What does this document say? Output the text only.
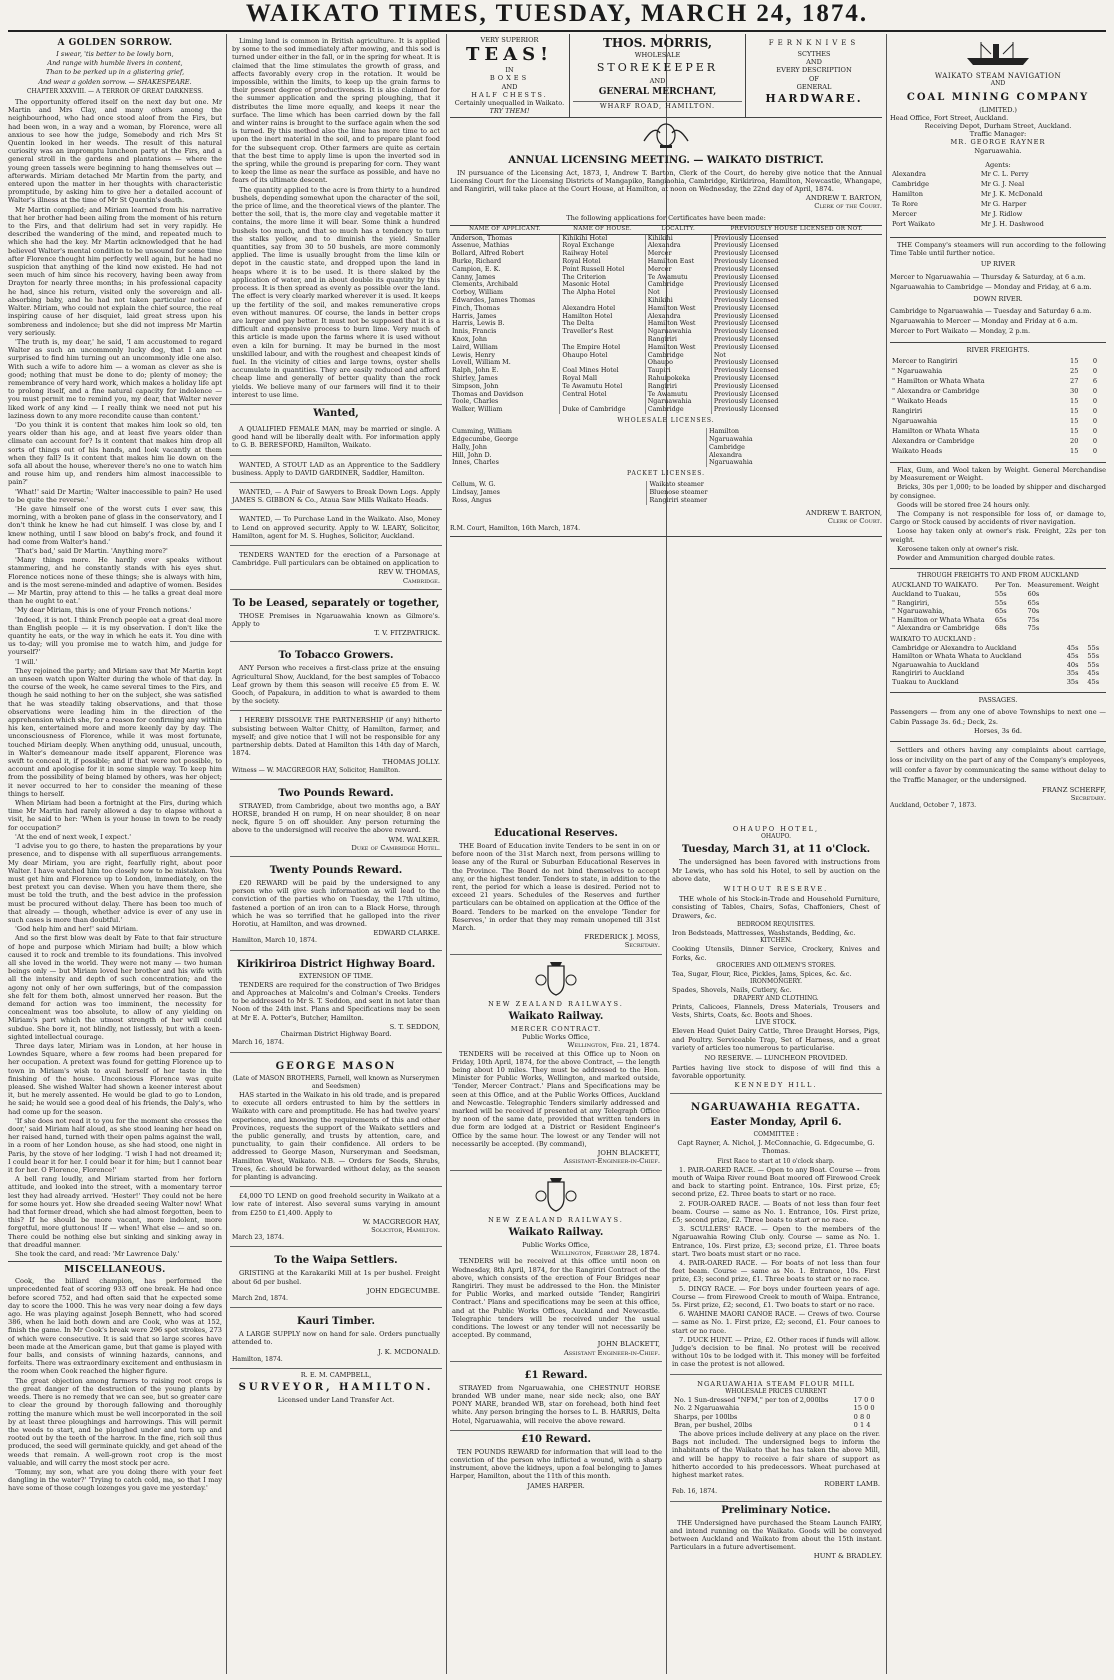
WAIKATO TIMES, TUESDAY, MARCH 24, 1874.
A GOLDEN SORROW.
I swear, 'tis better to be lowly born,
And range with humble livers in content,
Than to be perked up in a glistering grief,
And wear a golden sorrow. — SHAKESPEARE.
CHAPTER XXXVIII. — A TERROR OF GREAT DARKNESS.

The opportunity offered itself on the next day but one. Mr Martin and Mrs Clay, and many others among the neighbourhood, who had once stood aloof from the Firs, but had been won, in a way and a woman, by Florence, were all anxious to see how the judge, Somebody and rich Mrs St Quentin looked in her weeds. The result of this natural curiosity was an impromptu luncheon party at the Firs, and a general stroll in the gardens and plantations — where the young green tassels were beginning to hang themselves out — afterwards. Miriam detached Mr Martin from the party, and entered upon the matter in her thoughts with characteristic promptitude, by asking him to give her a detailed account of Walter's illness at the time of Mr St Quentin's death.

Mr Martin complied; and Miriam learned from his narrative that her brother had been ailing from the moment of his return to the Firs, and that delirium had set in very rapidly. He described the wandering of the mind, and repeated much to which she had the key. Mr Martin acknowledged that he had believed Walter's mental condition to be unsound for some time after Florence thought him perfectly well again, but he had no suspicion that anything of the kind now existed. He had not seen much of him since his recovery, having been away from Drayton for nearly three months; in his professional capacity he had, since his return, visited only the sovereign and all-absorbing baby, and he had not taken particular notice of Walter. Miriam, who could not explain the chief source, the real inspiring cause of her disquiet, laid great stress upon his sombreness and indolence; but she did not impress Mr Martin very seriously.

'The truth is, my dear,' he said, 'I am accustomed to regard Walter as such an uncommonly lucky dog, that I am not surprised to find him turning out an uncommonly idle one also. With such a wife to adore him — a woman as clever as she is good; nothing that must be done to do; plenty of money; the remembrance of very hard work, which makes a holiday life apt to prolong itself, and a fine natural capacity for indolence — you must permit me to remind you, my dear, that Walter never liked work of any kind — I really think we need not put his laziness down to any more recondite cause than content.'

'Do you think it is content that makes him look so old, ten years older than his age, and at least five years older than climate can account for? Is it content that makes him drop all sorts of things out of his hands, and look vacantly at them when they fall? Is it content that makes him lie down on the sofa all about the house, wherever there's no one to watch him and rouse him up, and renders him almost inaccessible to pain?'

'What!' said Dr Martin; 'Walter inaccessible to pain? He used to be quite the reverse.'

'He gave himself one of the worst cuts I ever saw, this morning, with a broken pane of glass in the conservatory, and I don't think he knew he had cut himself. I was close by, and I knew nothing, until I saw blood on baby's frock, and found it had come from Walter's hand.'

'That's bad,' said Dr Martin. 'Anything more?'

'Many things more. He hardly ever speaks without stammering, and he constantly stands with his eyes shut. Florence notices none of these things; she is always with him, and is the most serene-minded and adaptive of women. Besides — Mr Martin, pray attend to this — he talks a great deal more than he ought to eat.'

'My dear Miriam, this is one of your French notions.'

'Indeed, it is not. I think French people eat a great deal more than English people — it is my observation. I don't like the quantity he eats, or the way in which he eats it. You dine with us to-day; will you promise me to watch him, and judge for yourself?'

'I will.'

They rejoined the party; and Miriam saw that Mr Martin kept an unseen watch upon Walter during the whole of that day. In the course of the week, he came several times to the Firs, and though he said nothing to her on the subject, she was satisfied that he was steadily taking observations, and that those observations were leading him in the direction of the apprehension which she, for a reason for confirming any within his ken, entertained more and more keenly day by day. The unconsciousness of Florence, while it was most fortunate, touched Miriam deeply. When anything odd, unusual, uncouth, in Walter's demeanour made itself apparent, Florence was swift to conceal it, if possible; and if that were not possible, to account and apologise for it in some simple way. To keep him from the possibility of being blamed by others, was her object; it never occurred to her to consider the meaning of these things to herself.

When Miriam had been a fortnight at the Firs, during which time Mr Martin had rarely allowed a day to elapse without a visit, he said to her: 'When is your house in town to be ready for occupation?'

'At the end of next week, I expect.'

'I advise you to go there, to hasten the preparations by your presence, and to dispense with all superfluous arrangements. My dear Miriam, you are right, fearfully right, about poor Walter. I have watched him too closely now to be mistaken. You must get him and Florence up to London, immediately, on the best pretext you can devise. When you have them there, she must be told the truth, and the best advice in the profession must be procured without delay. There has been too much of that already — though, whether advice is ever of any use in such cases is more than doubtful.'

'God help him and her!' said Miriam.

And so the first blow was dealt by Fate to that fair structure of hope and purpose which Miriam had built; a blow which caused it to rock and tremble to its foundations. This involved all she loved in the world. They were not many — two human beings only — but Miriam loved her brother and his wife with all the intensity and depth of such concentration; and the agony not only of her own sufferings, but of the compassion she felt for them both, almost unnerved her reason. But the demand for action was too imminent, the necessity for concealment was too absolute, to allow of any yielding on Miriam's part which the utmost strength of her will could subdue. She bore it, not blindly, not listlessly, but with a keen-sighted intellectual courage.

Three days later, Miriam was in London, at her house in Lowndes Square, where a few rooms had been prepared for her occupation. A pretext was found for getting Florence up to town in Miriam's wish to avail herself of her taste in the finishing of the house. Unconscious Florence was quite pleased. She wished Walter had shown a keener interest about it, but he merely assented. He would be glad to go to London, he said; he would see a good deal of his friends, the Daly's, who had come up for the season.

'If she does not read it to you for the moment she crosses the door,' said Miriam half aloud, as she stood leaning her head on her raised hand, turned with their open palms against the wall, in a room of her London house, as she had stood, one night in Paris, by the stove of her lodging. 'I wish I had not dreamed it; I could bear it for her. I could bear it for him; but I cannot bear it for her. O Florence, Florence!'

A bell rang loudly, and Miriam started from her forlorn attitude, and looked into the street, with a momentary terror lest they had already arrived. 'Hester!' They could not be here for some hours yet. How she dreaded seeing Walter now! What had that former dread, which she had almost forgotten, been to this? If he should be more vacant, more indolent, more forgetful, more gluttonous! If — when! What else — and so on. There could be nothing else but sinking and sinking away in that dreadful manner.

She took the card, and read: 'Mr Lawrence Daly.'

MISCELLANEOUS.

Cook, the billiard champion, has performed the unprecedented feat of scoring 933 off one break. He had once before scored 752, and had often said that he expected some day to score the 1000. This he was very near doing a few days ago. He was playing against Joseph Bennett, who had scored 386, when he laid both down and are Cook, who was at 152, finish the game. In Mr Cook's break were 296 spot strokes, 273 of which were consecutive. It is said that so large scores have been made at the American game, but that game is played with four balls, and consists of winning hazards, cannons, and forfeits. There was extraordinary excitement and enthusiasm in the room when Cook reached the higher figure.

The great objection among farmers to raising root crops is the great danger of the destruction of the young plants by weeds. There is no remedy that we can see, but so greater care to clear the ground by thorough fallowing and thoroughly rotting the manure which must be well incorporated in the soil by at least three ploughings and harrowings. This will permit the weeds to start, and be ploughed under and torn up and rooted out by the teeth of the harrow. In the fine, rich soil thus produced, the seed will germinate quickly, and get ahead of the weeds that remain. A well-grown root crop is the most valuable, and will carry the most stock per acre.

'Tommy, my son, what are you doing there with your feet dangling in the water?' 'Trying to catch cold, ma, so that I may have some of those cough lozenges you gave me yesterday.'

Liming land is common in British agriculture. It is applied by some to the sod immediately after mowing, and this sod is turned under either in the fall, or in the spring for wheat. It is claimed that the lime stimulates the growth of grass, and affects favorably every crop in the rotation. It would be impossible, within the limits, to keep up the grain farms to their present degree of productiveness. It is also claimed for the summer application and the spring ploughing, that it distributes the lime more equally, and keeps it near the surface. The lime which has been carried down by the fall and winter rains is brought to the surface again when the sod is turned. By this method also the lime has more time to act upon the inert material in the soil, and to prepare plant food for the subsequent crop. Other farmers are quite as certain that the best time to apply lime is upon the inverted sod in the spring, while the ground is preparing for corn. They want to keep the lime as near the surface as possible, and have no fears of its ultimate descent.

The quantity applied to the acre is from thirty to a hundred bushels, depending somewhat upon the character of the soil, the price of lime, and the theoretical views of the planter. The better the soil, that is, the more clay and vegetable matter it contains, the more lime it will bear. Some think a hundred bushels too much, and that so much has a tendency to turn the stalks yellow, and to diminish the yield. Smaller quantities, say from 30 to 50 bushels, are more commonly applied. The lime is usually brought from the lime kiln or depot in the caustic state, and dropped upon the land in heaps where it is to be used. It is there slaked by the application of water, and in about double its quantity by this process. It is then spread as evenly as possible over the land. The effect is very clearly marked wherever it is used. It keeps up the fertility of the soil, and makes remunerative crops even without manures. Of course, the lands in better crops are larger and pay better. It must not be supposed that it is a difficult and expensive process to burn lime. Very much of this article is made upon the farms where it is used without even a kiln for burning. It may be burned in the most unskilled labour, and with the roughest and cheapest kinds of fuel. In the vicinity of cities and large towns, oyster shells accumulate in quantities. They are easily reduced and afford cheap lime and generally of better quality than the rock yields. We believe many of our farmers will find it to their interest to use lime.

Wanted,

A QUALIFIED FEMALE MAN, may be married or single. A good hand will be liberally dealt with. For information apply to G. B. BERESFORD, Hamilton, Waikato.

WANTED, A STOUT LAD as an Apprentice to the Saddlery business. Apply to DAVID GARDINER, Saddler, Hamilton.

WANTED, — A Pair of Sawyers to Break Down Logs. Apply JAMES S. GIBBON & Co., Ataua Saw Mills Waikato Heads.

WANTED, — To Purchase Land in the Waikato. Also, Money to Lend on approved security. Apply to W. LEARY, Solicitor, Hamilton, agent for M. S. Hughes, Solicitor, Auckland.

TENDERS WANTED for the erection of a Parsonage at Cambridge. Full particulars can be obtained on application to

REV W. THOMAS,
Cambridge.
To be Leased, separately or together,

THOSE Premises in Ngaruawahia known as Gilmore's. Apply to

T. V. FITZPATRICK.
To Tobacco Growers.

ANY Person who receives a first-class prize at the ensuing Agricultural Show, Auckland, for the best samples of Tobacco Leaf grown by them this season will receive £5 from E. W. Gooch, of Papakura, in addition to what is awarded to them by the society.

I HEREBY DISSOLVE THE PARTNERSHIP (if any) hitherto subsisting between Walter Chitty, of Hamilton, farmer, and myself; and give notice that I will not be responsible for any partnership debts. Dated at Hamilton this 14th day of March, 1874.

THOMAS JOLLY.
Witness — W. MACGREGOR HAY, Solicitor, Hamilton.
Two Pounds Reward.

STRAYED, from Cambridge, about two months ago, a BAY HORSE, branded H on rump, H on near shoulder, 8 on near neck, figure 5 on off shoulder. Any person returning the above to the undersigned will receive the above reward.

WM. WALKER.
Duke of Cambridge Hotel.
Twenty Pounds Reward.

£20 REWARD will be paid by the undersigned to any person who will give such information as will lead to the conviction of the parties who on Tuesday, the 17th ultimo, fastened a portion of an iron can to a Black Horse, through which he was so terrified that he galloped into the river Horotiu, at Hamilton, and was drowned.

EDWARD CLARKE.
Hamilton, March 10, 1874.
Kirikiriroa District Highway Board.
EXTENSION OF TIME.

TENDERS are required for the construction of Two Bridges and Approaches at Malcolm's and Colman's Creeks. Tenders to be addressed to Mr S. T. Seddon, and sent in not later than Noon of the 24th inst. Plans and Specifications may be seen at Mr E. A. Potter's, Butcher, Hamilton.

S. T. SEDDON,
Chairman District Highway Board.
March 16, 1874.
GEORGE MASON
(Late of MASON BROTHERS, Parnell, well known as Nurserymen and Seedsmen)

HAS started in the Waikato in his old trade, and is prepared to execute all orders entrusted to him by the settlers in Waikato with care and promptitude. He has had twelve years' experience, and knowing the requirements of this and other Provinces, requests the support of the Waikato settlers and the public generally, and trusts by attention, care, and punctuality, to gain their confidence. All orders to be addressed to George Mason, Nurseryman and Seedsman, Hamilton West, Waikato. N.B. — Orders for Seeds, Shrubs, Trees, &c. should be forwarded without delay, as the season for planting is advancing.

£4,000 TO LEND on good freehold security in Waikato at a low rate of interest. Also several sums varying in amount from £250 to £1,400. Apply to

W. MACGREGOR HAY,
Solicitor, Hamilton.
March 23, 1874.
To the Waipa Settlers.

GRISTING at the Karakariki Mill at 1s per bushel. Freight about 6d per bushel.

JOHN EDGECUMBE.
March 2nd, 1874.
Kauri Timber.

A LARGE SUPPLY now on hand for sale. Orders punctually attended to.

J. K. MCDONALD.
Hamilton, 1874.
R. E. M. CAMPBELL,
SURVEYOR, HAMILTON.
Licensed under Land Transfer Act.
VERY SUPERIOR
TEAS!
IN
BOXES
AND
HALF CHESTS.
Certainly unequalled in Waikato.
TRY THEM!
THOS. MORRIS,
WHOLESALE
STOREKEEPER
AND
GENERAL MERCHANT,
WHARF ROAD, HAMILTON.
FERNKNIVES
SCYTHES
AND
EVERY DESCRIPTION
OF
GENERAL
HARDWARE.
ANNUAL LICENSING MEETING. — WAIKATO DISTRICT.

IN pursuance of the Licensing Act, 1873, I, Andrew T. Barton, Clerk of the Court, do hereby give notice that the Annual Licensing Court for the Licensing Districts of Mangapiko, Rangiaohia, Cambridge, Kirikiriroa, Hamilton, Newcastle, Whangape, and Rangiriri, will take place at the Court House, at Hamilton, at noon on Wednesday, the 22nd day of April, 1874.

ANDREW T. BARTON,
Clerk of the Court.
The following applications for Certificates have been made:
NAME OF APPLICANT.	NAME OF HOUSE.	LOCALITY.	PREVIOUSLY HOUSE LICENSED OR NOT.
Anderson, Thomas	Kihikihi Hotel	Kihikihi	Previously Licensed
Assenue, Mathias	Royal Exchange	Alexandra	Previously Licensed
Bollard, Alfred Robert	Railway Hotel	Mercer	Previously Licensed
Burke, Richard	Royal Hotel	Hamilton East	Previously Licensed
Campion, E. K.	Point Russell Hotel	Mercer	Previously Licensed
Canny, James	The Criterion	Te Awamutu	Previously Licensed
Clements, Archibald	Masonic Hotel	Cambridge	Previously Licensed
Corboy, William	The Alpha Hotel	Not	Previously Licensed
Edwardes, James Thomas		Kihikihi	Previously Licensed
Finch, Thomas	Alexandra Hotel	Hamilton West	Previously Licensed
Harris, James	Hamilton Hotel	Alexandra	Previously Licensed
Harris, Lewis B.	The Delta	Hamilton West	Previously Licensed
Innis, Francis	Traveller's Rest	Ngaruawahia	Previously Licensed
Knox, John		Rangiriri	Previously Licensed
Laird, William	The Empire Hotel	Hamilton West	Previously Licensed
Lewis, Henry	Ohaupo Hotel	Cambridge	Not
Lovell, William M.		Ohaupo	Previously Licensed
Ralph, John E.	Coal Mines Hotel	Taupiri	Previously Licensed
Shirley, James	Royal Mall	Rahuipokeka	Previously Licensed
Simpson, John	Te Awamutu Hotel	Rangiriri	Previously Licensed
Thomas and Davidson	Central Hotel	Te Awamutu	Previously Licensed
Toole, Charles		Ngaruawahia	Previously Licensed
Walker, William	Duke of Cambridge	Cambridge	Previously Licensed
WHOLESALE LICENSES.
Cumming, William	Hamilton
Edgecumbe, George	Ngaruawahia
Hally, John	Cambridge
Hill, John D.	Alexandra
Innes, Charles	Ngaruawahia
PACKET LICENSES.
Cellum, W. G.	Waikato steamer
Lindsay, James	Bluenose steamer
Ross, Angus	Rangiriri steamer
ANDREW T. BARTON,
Clerk of Court.
R.M. Court, Hamilton, 16th March, 1874.
Educational Reserves.

THE Board of Education invite Tenders to be sent in on or before noon of the 31st March next, from persons willing to lease any of the Rural or Suburban Educational Reserves in the Province. The Board do not bind themselves to accept any, or the highest tender. Tenders to state, in addition to the rent, the period for which a lease is desired. Period not to exceed 21 years. Schedules of the Reserves and further particulars can be obtained on application at the Office of the Board. Tenders to be marked on the envelope 'Tender for Reserves,' in order that they may remain unopened till 31st March.

FREDERICK J. MOSS,
Secretary.
NEW ZEALAND RAILWAYS.
Waikato Railway.
MERCER CONTRACT.
Public Works Office,
Wellington, Feb. 21, 1874.

TENDERS will be received at this Office up to Noon on Friday, 10th April, 1874, for the above Contract, — the length being about 10 miles. They must be addressed to the Hon. Minister for Public Works, Wellington, and marked outside, 'Tender, Mercer Contract.' Plans and Specifications may be seen at this Office, and at the Public Works Offices, Auckland and Newcastle. Telegraphic Tenders similarly addressed and marked will be received if presented at any Telegraph Office by noon of the same date, provided that written tenders in due form are lodged at a District or Resident Engineer's Office by the same hour. The lowest or any Tender will not necessarily be accepted. (By command),

JOHN BLACKETT,
Assistant-Engineer-in-Chief.
NEW ZEALAND RAILWAYS.
Waikato Railway.
Public Works Office,
Wellington, February 28, 1874.

TENDERS will be received at this office until noon on Wednesday, 8th April, 1874, for the Rangiriri Contract of the above, which consists of the erection of Four Bridges near Rangiriri. They must be addressed to the Hon. the Minister for Public Works, and marked outside 'Tender, Rangiriri Contract.' Plans and specifications may be seen at this office, and at the Public Works Offices, Auckland and Newcastle. Telegraphic tenders will be received under the usual conditions. The lowest or any tender will not necessarily be accepted. By command,

JOHN BLACKETT,
Assistant Engineer-in-Chief.
£1 Reward.

STRAYED from Ngaruawahia, one CHESTNUT HORSE branded WB under mane, near side neck; also, one BAY PONY MARE, branded WB, star on forehead, both hind feet white. Any person bringing the horses to L. B. HARRIS, Delta Hotel, Ngaruawahia, will receive the above reward.

£10 Reward.

TEN POUNDS REWARD for information that will lead to the conviction of the person who inflicted a wound, with a sharp instrument, above the kidneys, upon a foal belonging to James Harper, Hamilton, about the 11th of this month.

JAMES HARPER.
OHAUPO HOTEL,
OHAUPO.
Tuesday, March 31, at 11 o'Clock.

The undersigned has been favored with instructions from Mr Lewis, who has sold his Hotel, to sell by auction on the above date,

WITHOUT RESERVE.

THE whole of his Stock-in-Trade and Household Furniture, consisting of Tables, Chairs, Sofas, Chaffoniers, Chest of Drawers, &c.

BEDROOM REQUISITES.

Iron Bedsteads, Mattresses, Washstands, Bedding, &c.

KITCHEN.

Cooking Utensils, Dinner Service, Crockery, Knives and Forks, &c.

GROCERIES AND OILMEN'S STORES.

Tea, Sugar, Flour, Rice, Pickles, Jams, Spices, &c. &c.

IRONMONGERY.

Spades, Shovels, Nails, Cutlery, &c.

DRAPERY AND CLOTHING.

Prints, Calicoes, Flannels, Dress Materials, Trousers and Vests, Shirts, Coats, &c. Boots and Shoes.

LIVE STOCK.

Eleven Head Quiet Dairy Cattle, Three Draught Horses, Pigs, and Poultry. Serviceable Trap, Set of Harness, and a great variety of articles too numerous to particularise.

NO RESERVE. — LUNCHEON PROVIDED.

Parties having live stock to dispose of will find this a favorable opportunity.

KENNEDY HILL.
NGARUAWAHIA REGATTA.
Easter Monday, April 6.
COMMITTEE :
Capt Rayner, A. Nichol, J. McConnachie, G. Edgecumbe, G. Thomas.
First Race to start at 10 o'clock sharp.

1. PAIR-OARED RACE. — Open to any Boat. Course — from mouth of Waipa River round Boat moored off Firewood Creek and back to starting point. Entrance, 10s. First prize, £5; second prize, £2. Three boats to start or no race.

2. FOUR-OARED RACE. — Boats of not less than four feet beam. Course — same as No. 1. Entrance, 10s. First prize, £5; second prize, £2. Three boats to start or no race.

3. SCULLERS' RACE. — Open to the members of the Ngaruawahia Rowing Club only. Course — same as No. 1. Entrance, 10s. First prize, £3; second prize, £1. Three boats start. Two boats must start or no race.

4. PAIR-OARED RACE. — For boats of not less than four feet beam. Course — same as No. 1. Entrance, 10s. First prize, £3; second prize, £1. Three boats to start or no race.

5. DINGY RACE. — For boys under fourteen years of age. Course — from Firewood Creek to mouth of Waipa. Entrance, 5s. First prize, £2; second, £1. Two boats to start or no race.

6. WAHINE MAORI CANOE RACE. — Crews of two. Course — same as No. 1. First prize, £2; second, £1. Four canoes to start or no race.

7. DUCK HUNT. — Prize, £2. Other races if funds will allow. Judge's decision to be final. No protest will be received without 10s to be lodged with it. This money will be forfeited in case the protest is not allowed.

NGARUAWAHIA STEAM FLOUR MILL
WHOLESALE PRICES CURRENT
No. 1 Sun-dressed "NFM," per ton of 2,000lbs	17 0 0
No. 2 Ngaruawahia	15 0 0
Sharps, per 100lbs	0 8 0
Bran, per bushel, 20lbs	0 1 4

The above prices include delivery at any place on the river. Bags not included. The undersigned begs to inform the inhabitants of the Waikato that he has taken the above Mill, and will be happy to receive a fair share of support as hitherto accorded to his predecessors. Wheat purchased at highest market rates.

ROBERT LAMB.
Feb. 16, 1874.
Preliminary Notice.

THE Undersigned have purchased the Steam Launch FAIRY, and intend running on the Waikato. Goods will be conveyed between Auckland and Waikato from about the 15th instant. Particulars in a future advertisement.

HUNT & BRADLEY.
WAIKATO STEAM NAVIGATION
AND
COAL MINING COMPANY
(LIMITED.)
Head Office, Fort Street, Auckland.
Receiving Depot, Durham Street, Auckland.
Traffic Manager:
MR. GEORGE RAYNER
Ngaruawahia.
Agents:
Alexandra	Mr C. L. Perry
Cambridge	Mr G. J. Neal
Hamilton	Mr J. K. McDonald
Te Rore	Mr G. Harper
Mercer	Mr J. Ridlow
Port Waikato	Mr J. H. Dashwood

THE Company's steamers will run according to the following Time Table until further notice.

UP RIVER

Mercer to Ngaruawahia — Thursday & Saturday, at 6 a.m.

Ngaruawahia to Cambridge — Monday and Friday, at 6 a.m.

DOWN RIVER.

Cambridge to Ngaruawahia — Tuesday and Saturday 6 a.m.

Ngaruawahia to Mercer — Monday and Friday at 6 a.m.

Mercer to Port Waikato — Monday, 2 p.m.

RIVER FREIGHTS.
Mercer to Rangiriri	15	0
" Ngaruawahia	25	0
" Hamilton or Whata Whata	27	6
" Alexandra or Cambridge	30	0
" Waikato Heads	15	0
Rangiriri	15	0
Ngaruawahia	15	0
Hamilton or Whata Whata	15	0
Alexandra or Cambridge	20	0
Waikato Heads	15	0

Flax, Gum, and Wool taken by Weight. General Merchandise by Measurement or Weight.

Bricks, 30s per 1,000; to be loaded by shipper and discharged by consignee.

Goods will be stored free 24 hours only.

The Company is not responsible for loss of, or damage to, Cargo or Stock caused by accidents of river navigation.

Loose hay taken only at owner's risk. Freight, 22s per ton weight.

Kerosene taken only at owner's risk.

Powder and Ammunition charged double rates.

THROUGH FREIGHTS TO AND FROM AUCKLAND
AUCKLAND TO WAIKATO.	Per Ton.	Measurement. Weight
Auckland to Tuakau,	55s	60s
" Rangiriri,	55s	65s
" Ngaruawahia,	65s	70s
" Hamilton or Whata Whata	65s	75s
" Alexandra or Cambridge	68s	75s
WAIKATO TO AUCKLAND :
Cambridge or Alexandra to Auckland	45s	55s
Hamilton or Whata Whata to Auckland	45s	55s
Ngaruawahia to Auckland	40s	55s
Rangiriri to Auckland	35s	45s
Tuakau to Auckland	35s	45s
PASSAGES.

Passengers — from any one of above Townships to next one — Cabin Passage 3s. 6d.; Deck, 2s.

Horses, 3s 6d.

Settlers and others having any complaints about carriage, loss or incivility on the part of any of the Company's employees, will confer a favor by communicating the same without delay to the Traffic Manager, or the undersigned.

FRANZ SCHERFF,
Secretary.
Auckland, October 7, 1873.
